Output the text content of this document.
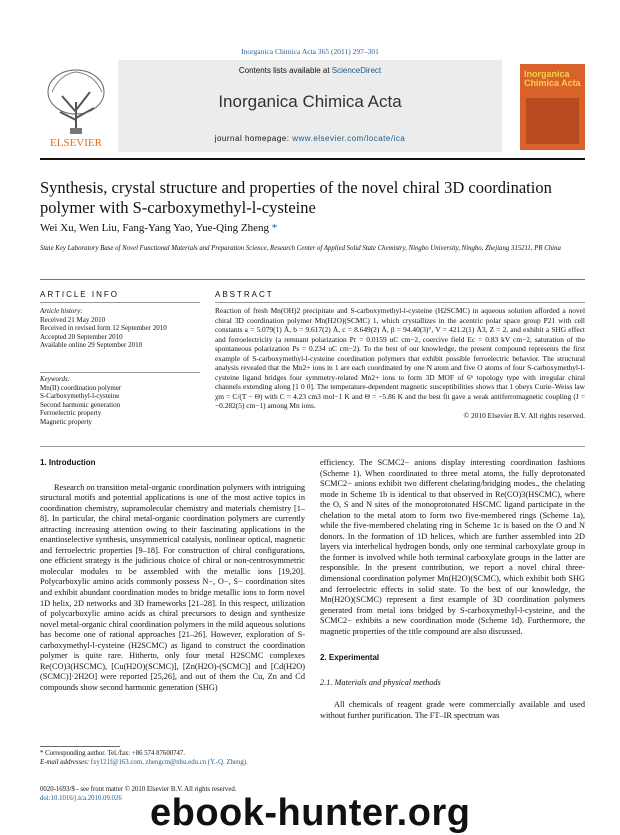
Inorganica Chimica Acta 365 (2011) 297–301
ELSEVIER
Contents lists available at ScienceDirect
Inorganica Chimica Acta
journal homepage: www.elsevier.com/locate/ica
Inorganica Chimica Acta
Synthesis, crystal structure and properties of the novel chiral 3D coordination polymer with S-carboxymethyl-l-cysteine
Wei Xu, Wen Liu, Fang-Yang Yao, Yue-Qing Zheng *
State Key Laboratory Base of Novel Functional Materials and Preparation Science, Research Center of Applied Solid State Chemistry, Ningbo University, Ningbo, Zhejiang 315211, PR China
ARTICLE INFO	ABSTRACT
Article history:
Received 21 May 2010
Received in revised form 12 September 2010
Accepted 20 September 2010
Available online 29 September 2010
Keywords:
Mn(II) coordination polymer
S-Carboxymethyl-l-cysteine
Second harmonic generation
Ferroelectric property
Magnetic property
Reaction of fresh Mn(OH)2 precipitate and S-carboxymethyl-l-cysteine (H2SCMC) in aqueous solution afforded a novel chiral 3D coordination polymer Mn(H2O)(SCMC) 1, which crystallizes in the acentric polar space group P21 with cell constants a = 5.079(1) Å, b = 9.617(2) Å, c = 8.649(2) Å, β = 94.40(3)°, V = 421.2(1) Å3, Z = 2, and exhibit a SHG effect and ferroelectricity (a remnant polarization Pr = 0.0159 uC cm−2, coercive field Ec = 0.83 kV cm−2, saturation of the spontaneous polarization Ps = 0.234 uC cm−2). To the best of our knowledge, the present compound represents the first example of S-carboxymethyl-l-cysteine coordination polymers that exhibit possible ferroelectric behavior. The structural analysis revealed that the Mn2+ ions in 1 are each coordinated by one N atom and five O atoms of four S-carboxymethyl-l-cysteine ligand bridges four symmetry-related Mn2+ ions to form 3D MOF of 6⁶ topology type with irregular chiral channels extending along [1 0 0]. The temperature-dependent magnetic susceptibilities shows that 1 obeys Curie–Weiss law χm = C/(T − Θ) with C = 4.23 cm3 mol−1 K and Θ = −5.86 K and the best fit gave a weak antiferromagnetic coupling (J = −0.282(5) cm−1) among Mn ions.
© 2010 Elsevier B.V. All rights reserved.
1. Introduction

Research on transition metal-organic coordination polymers with intriguing structural motifs and potential applications is one of the most active topics in coordination chemistry, supramolecular chemistry and materials chemistry [1–8]. In particular, the chiral metal-organic coordination polymers are currently attracting increasing attention owing to their fascinating applications in the enantioselective synthesis, unsymmetrical catalysis, nonlinear optical, magnetic and ferroelectric properties [9–18]. For construction of chiral configurations, one efficient strategy is the judicious choice of chiral or non-centrosymmetric molecular modules to be assembled with the metallic ions [19,20]. Polycarboxylic amino acids commonly possess N−, O−, S− coordination sites and exhibit abundant coordination modes to bridge metallic ions to form novel 1D helix, 2D networks and 3D frameworks [21–28]. In this respect, utilization of polycarboxylic amino acids as chiral precursors to design and synthesize novel metal-organic chiral coordination polymers in the mild aqueous solutions has become one of rational approaches [21–26]. However, exploration of S-carboxymethyl-l-cysteine (H2SCMC) as ligand to construct the coordination polymer is quite rare. Hitherto, only four metal H2SCMC complexes Re(CO)3(HSCMC), [Cu(H2O)(SCMC)], [Zn(H2O)-(SCMC)] and [Cd(H2O)(SCMC)]·2H2O] were reported [25,26], and out of them the Cu, Zn and Cd compounds show second harmonic generation (SHG)

efficiency. The SCMC2− anions display interesting coordination fashions (Scheme 1). When coordinated to three metal atoms, the fully deprotonated SCMC2− anions exhibit two different chelating/bridging modes., the chelating mode in Scheme 1b is identical to that observed in Re(CO)3(HSCMC), where the O, S and N sites of the monoprotonated HSCMC ligand participate in the chelation to the metal atom to form two five-membered rings (Scheme 1a), while the five-membered chelating ring in Scheme 1c is based on the O and N donors. In the formation of 1D helices, which are further assembled into 2D layers via interhelical hydrogen bonds, only one terminal carboxylate group in the former is involved while both terminal carboxylate groups in the latter are responsible. In the present contribution, we report a novel chiral three-dimensional coordination polymer Mn(H2O)(SCMC), which exhibit both SHG and ferroelectric effects in solid state. To the best of our knowledge, the Mn(H2O)(SCMC) represent a first example of 3D coordination polymers generated from metal ions bridged by S-carboxymethyl-l-cysteine, and the SCMC2− exhibits a new coordination mode (Scheme 1d). Furthermore, the magnetic properties of the title compound are also discussed.

2. Experimental
2.1. Materials and physical methods

All chemicals of reagent grade were commercially available and used without further purification. The FT–IR spectrum was

* Corresponding author. Tel./fax: +86 574 87600747.
E-mail addresses: fxy121f@163.com, zhengcm@nbu.edu.cn (Y.-Q. Zheng).
0020-1693/$ - see front matter © 2010 Elsevier B.V. All rights reserved.
doi:10.1016/j.ica.2010.09.026 ebook-hunter.org
